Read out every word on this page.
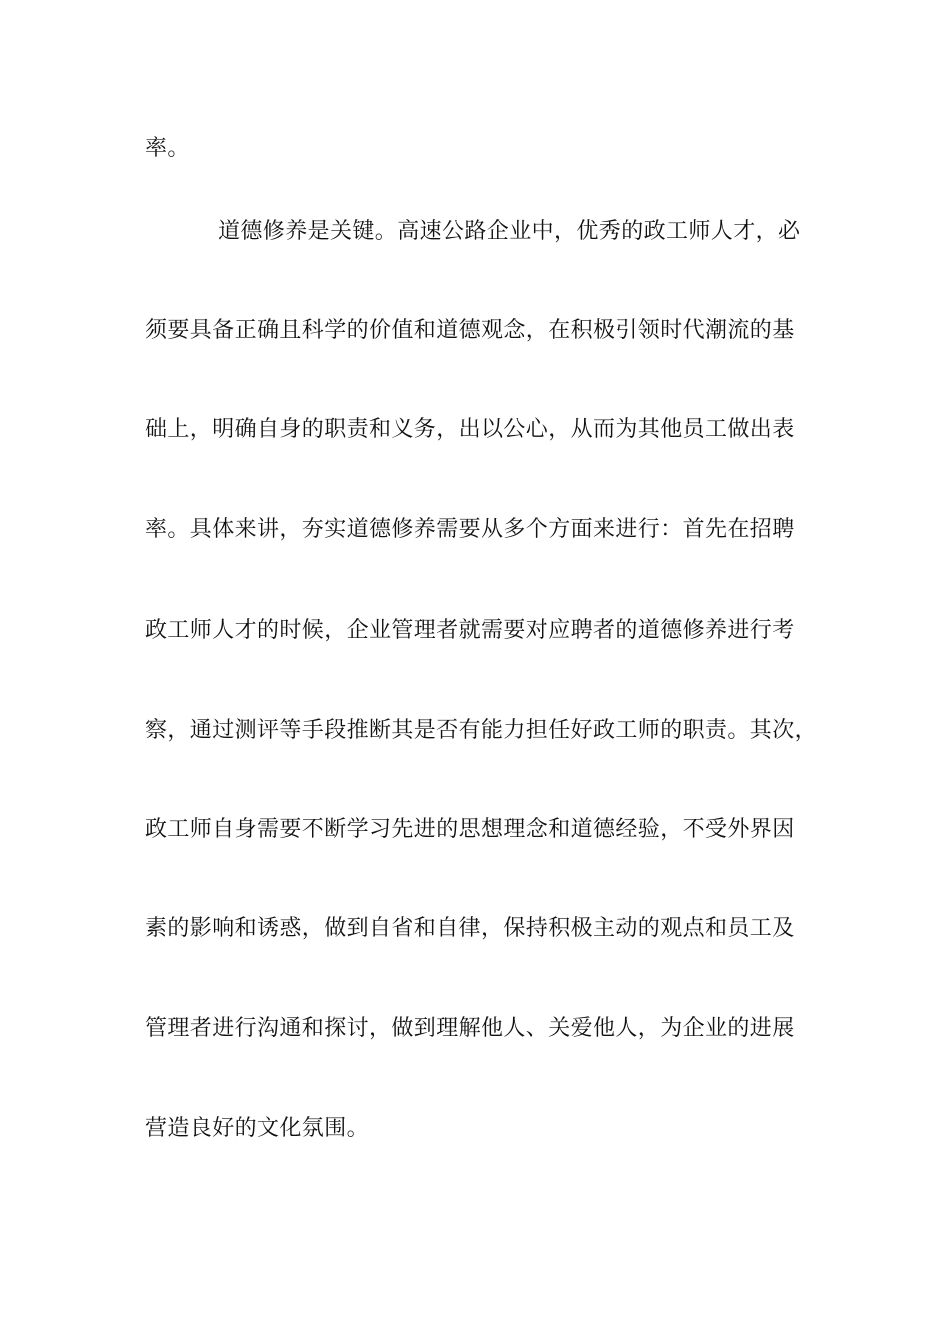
率。
道德修养是关键。高速公路企业中，优秀的政工师人才，必
须要具备正确且科学的价值和道德观念，在积极引领时代潮流的基
础上，明确自身的职责和义务，出以公心，从而为其他员工做出表
率。具体来讲，夯实道德修养需要从多个方面来进行：首先在招聘
政工师人才的时候，企业管理者就需要对应聘者的道德修养进行考
察，通过测评等手段推断其是否有能力担任好政工师的职责。其次，
政工师自身需要不断学习先进的思想理念和道德经验，不受外界因
素的影响和诱惑，做到自省和自律，保持积极主动的观点和员工及
管理者进行沟通和探讨，做到理解他人、关爱他人，为企业的进展
营造良好的文化氛围。
